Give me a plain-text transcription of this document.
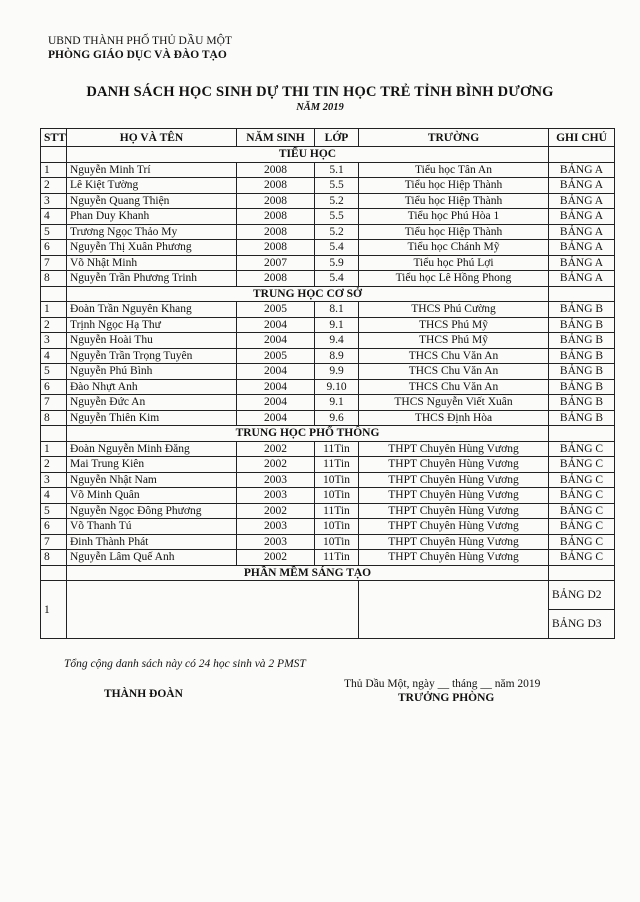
UBND THÀNH PHỐ THỦ DẦU MỘT
PHÒNG GIÁO DỤC VÀ ĐÀO TẠO
DANH SÁCH HỌC SINH DỰ THI TIN HỌC TRẺ TỈNH BÌNH DƯƠNG
NĂM 2019
STT	HỌ VÀ TÊN	NĂM SINH	LỚP	TRƯỜNG	GHI CHÚ
	TIỂU HỌC				
1	Nguyễn Minh Trí	2008	5.1	Tiểu học Tân An	BẢNG A
2	Lê Kiệt Tường	2008	5.5	Tiểu học Hiệp Thành	BẢNG A
3	Nguyễn Quang Thiện	2008	5.2	Tiểu học Hiệp Thành	BẢNG A
4	Phan Duy Khanh	2008	5.5	Tiểu học Phú Hòa 1	BẢNG A
5	Trương Ngọc Thảo My	2008	5.2	Tiểu học Hiệp Thành	BẢNG A
6	Nguyễn Thị Xuân Phương	2008	5.4	Tiểu học Chánh Mỹ	BẢNG A
7	Võ Nhật Minh	2007	5.9	Tiểu học Phú Lợi	BẢNG A
8	Nguyễn Trần Phương Trinh	2008	5.4	Tiểu học Lê Hồng Phong	BẢNG A
	TRUNG HỌC CƠ SỞ				
1	Đoàn Trần Nguyên Khang	2005	8.1	THCS Phú Cường	BẢNG B
2	Trịnh Ngọc Hạ Thư	2004	9.1	THCS Phú Mỹ	BẢNG B
3	Nguyễn Hoài Thu	2004	9.4	THCS Phú Mỹ	BẢNG B
4	Nguyễn Trần Trọng Tuyên	2005	8.9	THCS Chu Văn An	BẢNG B
5	Nguyễn Phú Bình	2004	9.9	THCS Chu Văn An	BẢNG B
6	Đào Nhựt Anh	2004	9.10	THCS Chu Văn An	BẢNG B
7	Nguyễn Đức An	2004	9.1	THCS Nguyễn Viết Xuân	BẢNG B
8	Nguyễn Thiên Kim	2004	9.6	THCS Định Hòa	BẢNG B
	TRUNG HỌC PHỔ THÔNG				
1	Đoàn Nguyễn Minh Đăng	2002	11Tin	THPT Chuyên Hùng Vương	BẢNG C
2	Mai Trung Kiên	2002	11Tin	THPT Chuyên Hùng Vương	BẢNG C
3	Nguyễn Nhật Nam	2003	10Tin	THPT Chuyên Hùng Vương	BẢNG C
4	Võ Minh Quân	2003	10Tin	THPT Chuyên Hùng Vương	BẢNG C
5	Nguyễn Ngọc Đông Phương	2002	11Tin	THPT Chuyên Hùng Vương	BẢNG C
6	Võ Thanh Tú	2003	10Tin	THPT Chuyên Hùng Vương	BẢNG C
7	Đinh Thành Phát	2003	10Tin	THPT Chuyên Hùng Vương	BẢNG C
8	Nguyễn Lâm Quế Anh	2002	11Tin	THPT Chuyên Hùng Vương	BẢNG C
	PHẦN MỀM SÁNG TẠO				
1					BẢNG D2
					BẢNG D3
Tổng cộng danh sách này có 24 học sinh và 2 PMST
THÀNH ĐOÀN
Thủ Dầu Một, ngày __ tháng __ năm 2019
TRƯỞNG PHÒNG
